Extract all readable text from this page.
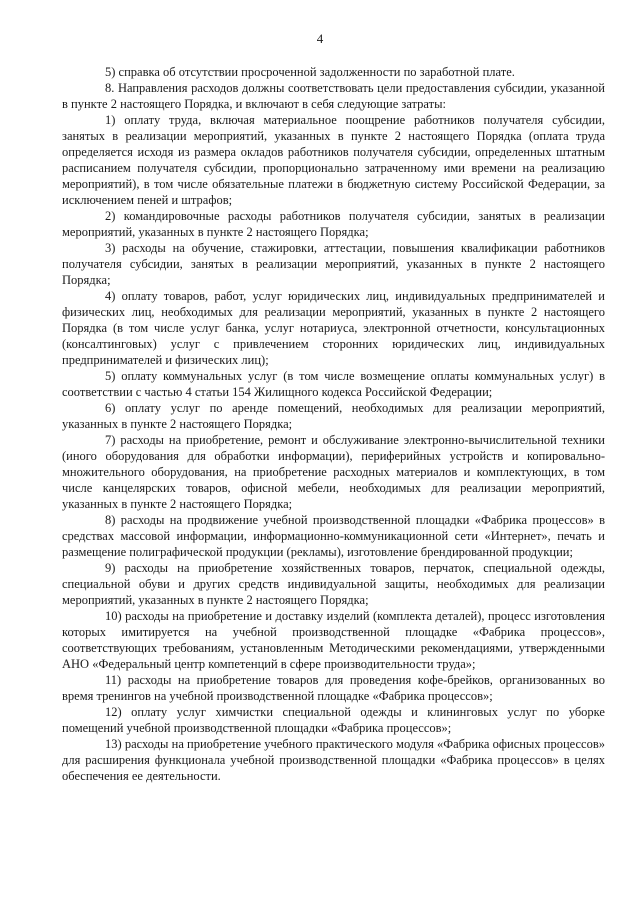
4

5) справка об отсутствии просроченной задолженности по заработной плате.

8. Направления расходов должны соответствовать цели предоставления субсидии, указанной в пункте 2 настоящего Порядка, и включают в себя следующие затраты:

1) оплату труда, включая материальное поощрение работников получателя субсидии, занятых в реализации мероприятий, указанных в пункте 2 настоящего Порядка (оплата труда определяется исходя из размера окладов работников получателя субсидии, определенных штатным расписанием получателя субсидии, пропорционально затраченному ими времени на реализацию мероприятий), в том числе обязательные платежи в бюджетную систему Российской Федерации, за исключением пеней и штрафов;

2) командировочные расходы работников получателя субсидии, занятых в реализации мероприятий, указанных в пункте 2 настоящего Порядка;

3) расходы на обучение, стажировки, аттестации, повышения квалификации работников получателя субсидии, занятых в реализации мероприятий, указанных в пункте 2 настоящего Порядка;

4) оплату товаров, работ, услуг юридических лиц, индивидуальных предпринимателей и физических лиц, необходимых для реализации мероприятий, указанных в пункте 2 настоящего Порядка (в том числе услуг банка, услуг нотариуса, электронной отчетности, консультационных (консалтинговых) услуг с привлечением сторонних юридических лиц, индивидуальных предпринимателей и физических лиц);

5) оплату коммунальных услуг (в том числе возмещение оплаты коммунальных услуг) в соответствии с частью 4 статьи 154 Жилищного кодекса Российской Федерации;

6) оплату услуг по аренде помещений, необходимых для реализации мероприятий, указанных в пункте 2 настоящего Порядка;

7) расходы на приобретение, ремонт и обслуживание электронно-вычислительной техники (иного оборудования для обработки информации), периферийных устройств и копировально-множительного оборудования, на приобретение расходных материалов и комплектующих, в том числе канцелярских товаров, офисной мебели, необходимых для реализации мероприятий, указанных в пункте 2 настоящего Порядка;

8) расходы на продвижение учебной производственной площадки «Фабрика процессов» в средствах массовой информации, информационно-коммуникационной сети «Интернет», печать и размещение полиграфической продукции (рекламы), изготовление брендированной продукции;

9) расходы на приобретение хозяйственных товаров, перчаток, специальной одежды, специальной обуви и других средств индивидуальной защиты, необходимых для реализации мероприятий, указанных в пункте 2 настоящего Порядка;

10) расходы на приобретение и доставку изделий (комплекта деталей), процесс изготовления которых имитируется на учебной производственной площадке «Фабрика процессов», соответствующих требованиям, установленным Методическими рекомендациями, утвержденными АНО «Федеральный центр компетенций в сфере производительности труда»;

11) расходы на приобретение товаров для проведения кофе-брейков, организованных во время тренингов на учебной производственной площадке «Фабрика процессов»;

12) оплату услуг химчистки специальной одежды и клининговых услуг по уборке помещений учебной производственной площадки «Фабрика процессов»;

13) расходы на приобретение учебного практического модуля «Фабрика офисных процессов» для расширения функционала учебной производственной площадки «Фабрика процессов» в целях обеспечения ее деятельности.
